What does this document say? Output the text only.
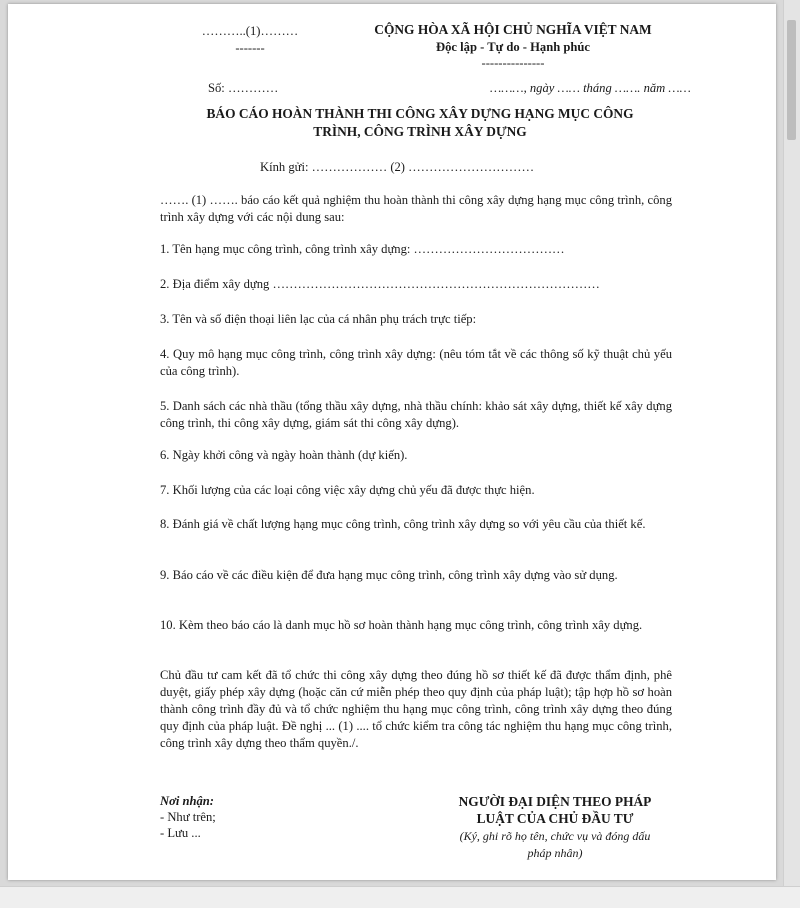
………..(1)………
-------
CỘNG HÒA XÃ HỘI CHỦ NGHĨA VIỆT NAM
Độc lập - Tự do - Hạnh phúc
---------------
Số: …………	………, ngày …… tháng ……. năm ……
BÁO CÁO HOÀN THÀNH THI CÔNG XÂY DỰNG HẠNG MỤC CÔNG
TRÌNH, CÔNG TRÌNH XÂY DỰNG
Kính gửi: ……………… (2) …………………………
……. (1) ……. báo cáo kết quả nghiệm thu hoàn thành thi công xây dựng hạng mục công trình, công trình xây dựng với các nội dung sau:
1. Tên hạng mục công trình, công trình xây dựng: ………………………………
2. Địa điểm xây dựng ……………………………………………………………………
3. Tên và số điện thoại liên lạc của cá nhân phụ trách trực tiếp:
4. Quy mô hạng mục công trình, công trình xây dựng: (nêu tóm tắt về các thông số kỹ thuật chủ yếu của công trình).
5. Danh sách các nhà thầu (tổng thầu xây dựng, nhà thầu chính: khảo sát xây dựng, thiết kế xây dựng công trình, thi công xây dựng, giám sát thi công xây dựng).
6. Ngày khởi công và ngày hoàn thành (dự kiến).
7. Khối lượng của các loại công việc xây dựng chủ yếu đã được thực hiện.
8. Đánh giá về chất lượng hạng mục công trình, công trình xây dựng so với yêu cầu của thiết kế.
9. Báo cáo về các điều kiện để đưa hạng mục công trình, công trình xây dựng vào sử dụng.
10. Kèm theo báo cáo là danh mục hồ sơ hoàn thành hạng mục công trình, công trình xây dựng.
Chủ đầu tư cam kết đã tổ chức thi công xây dựng theo đúng hồ sơ thiết kế đã được thẩm định, phê duyệt, giấy phép xây dựng (hoặc căn cứ miễn phép theo quy định của pháp luật); tập hợp hồ sơ hoàn thành công trình đầy đủ và tổ chức nghiệm thu hạng mục công trình, công trình xây dựng theo đúng quy định của pháp luật. Đề nghị ... (1) .... tổ chức kiểm tra công tác nghiệm thu hạng mục công trình, công trình xây dựng theo thẩm quyền./.
Nơi nhận:
- Như trên;
- Lưu ...
NGƯỜI ĐẠI DIỆN THEO PHÁP
LUẬT CỦA CHỦ ĐẦU TƯ
(Ký, ghi rõ họ tên, chức vụ và đóng dấu
pháp nhân)
